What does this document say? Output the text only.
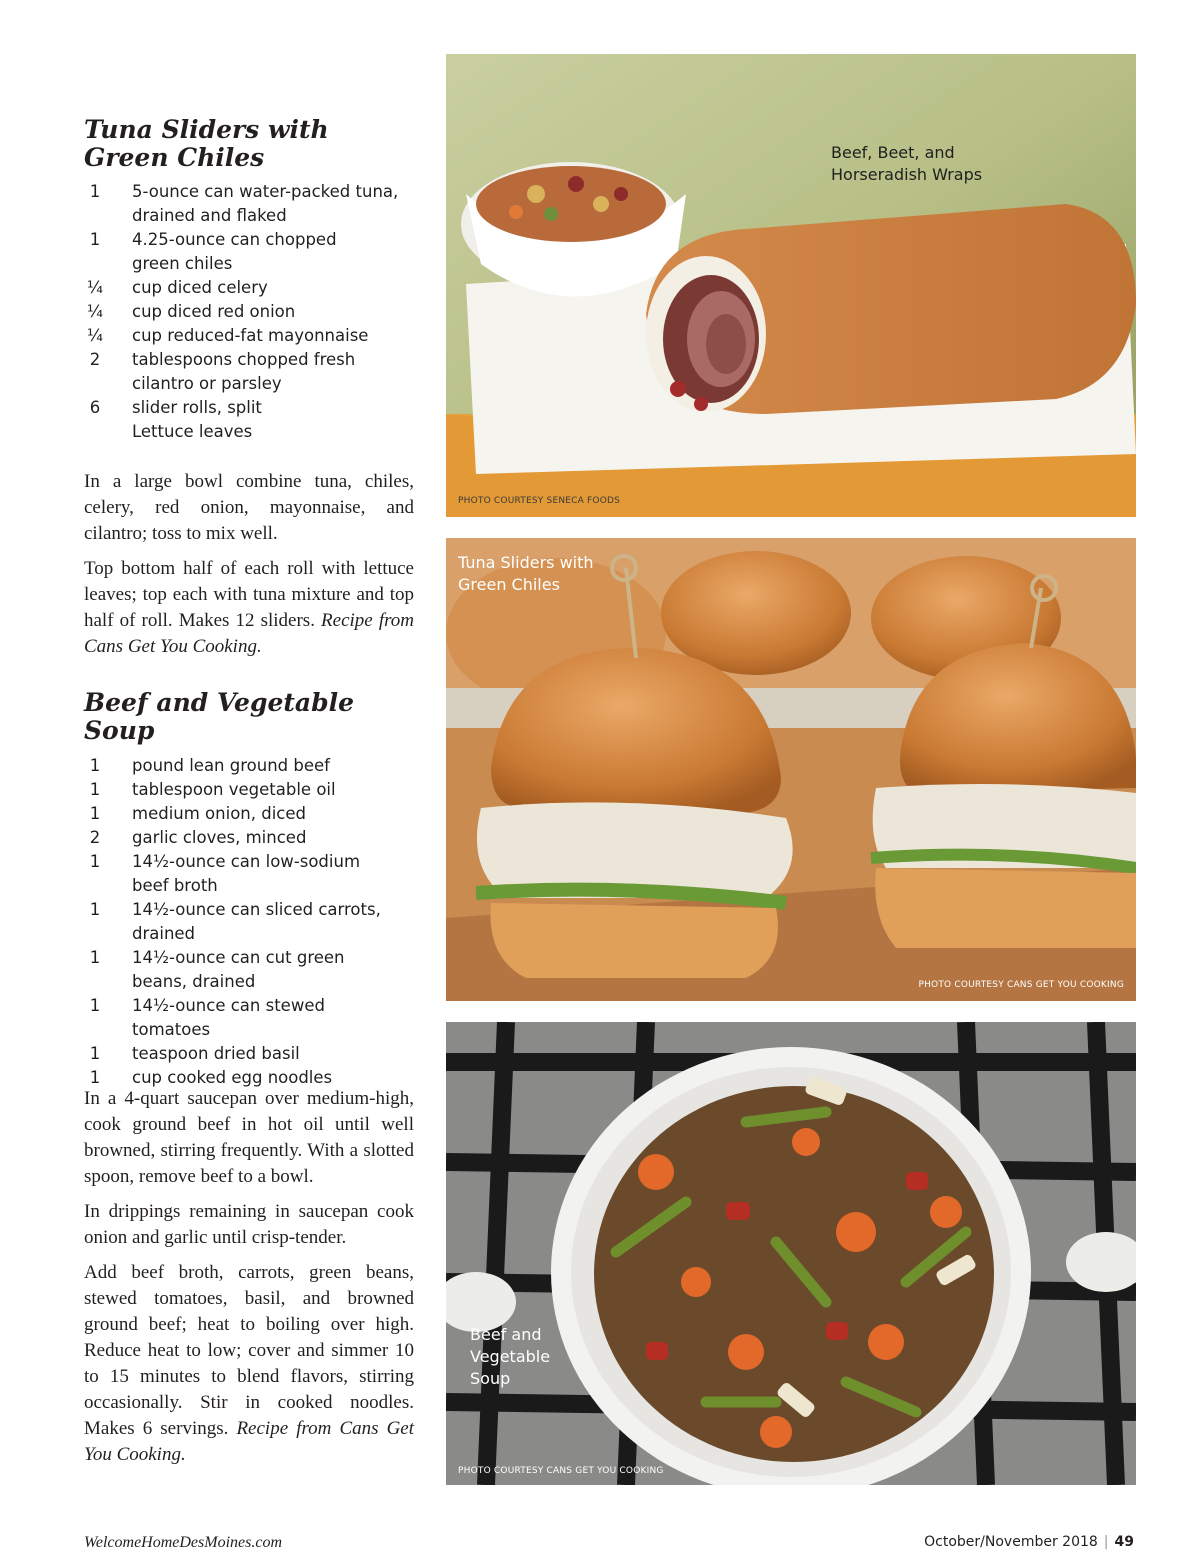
Tuna Sliders with
Green Chiles
1	5-ounce can water-packed tuna,
drained and flaked
1	4.25-ounce can chopped
green chiles
¼	cup diced celery
¼	cup diced red onion
¼	cup reduced-fat mayonnaise
2	tablespoons chopped fresh
cilantro or parsley
6	slider rolls, split
Lettuce leaves

In a large bowl combine tuna, chiles, celery, red onion, mayonnaise, and cilantro; toss to mix well.

Top bottom half of each roll with lettuce leaves; top each with tuna mixture and top half of roll. Makes 12 sliders. Recipe from Cans Get You Cooking.

Beef and Vegetable Soup
1	pound lean ground beef
1	tablespoon vegetable oil
1	medium onion, diced
2	garlic cloves, minced
1	14½-ounce can low-sodium
beef broth
1	14½-ounce can sliced carrots,
drained
1	14½-ounce can cut green
beans, drained
1	14½-ounce can stewed
tomatoes
1	teaspoon dried basil
1	cup cooked egg noodles

In a 4-quart saucepan over medium-high, cook ground beef in hot oil until well browned, stirring frequently. With a slotted spoon, remove beef to a bowl.

In drippings remaining in saucepan cook onion and garlic until crisp-tender.

Add beef broth, carrots, green beans, stewed tomatoes, basil, and browned ground beef; heat to boiling over high. Reduce heat to low; cover and simmer 10 to 15 minutes to blend flavors, stirring occasionally. Stir in cooked noodles. Makes 6 servings. Recipe from Cans Get You Cooking.

Beef, Beet, and
Horseradish Wraps
PHOTO COURTESY SENECA FOODS
Tuna Sliders with
Green Chiles
PHOTO COURTESY CANS GET YOU COOKING
Beef and
Vegetable
Soup
PHOTO COURTESY CANS GET YOU COOKING
WelcomeHomeDesMoines.com	October/November 2018 | 49
